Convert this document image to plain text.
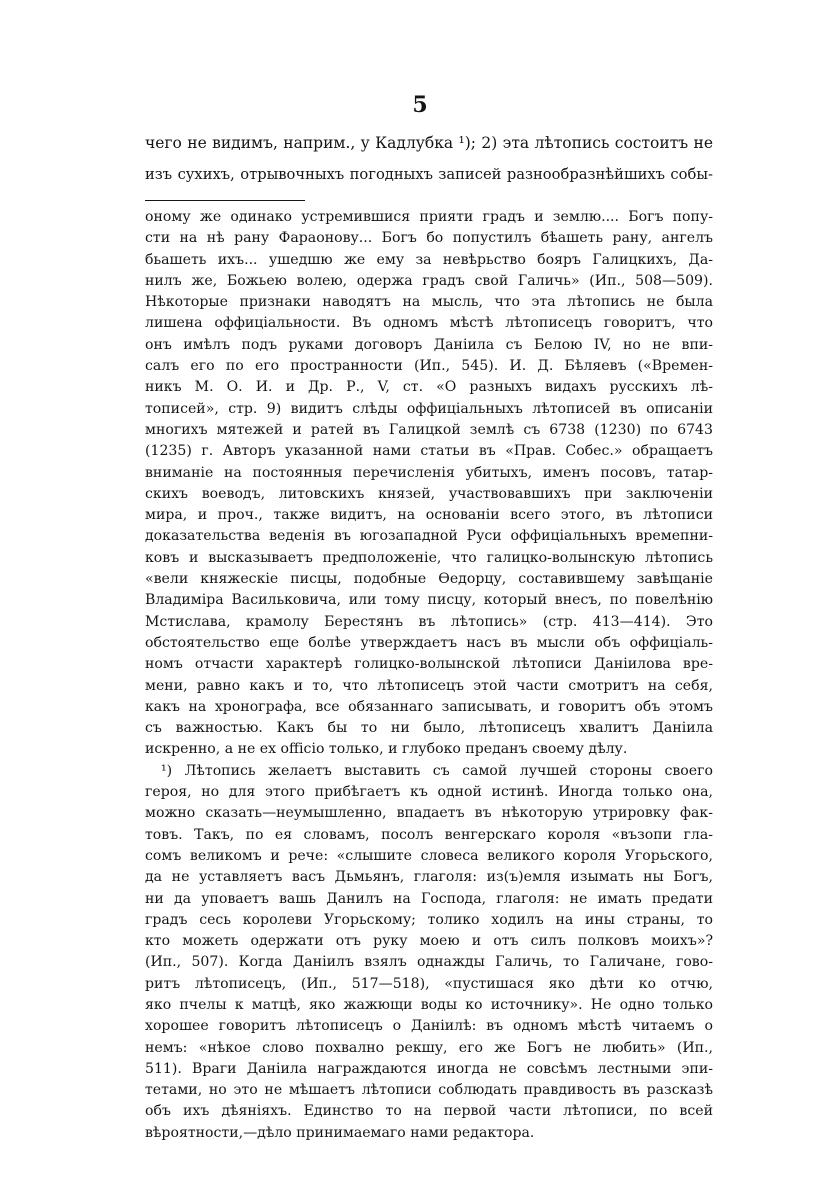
5
чего не видимъ, наприм., у Кадлубка ¹); 2) эта лѣтопись состоитъ не
изъ сухихъ, отрывочныхъ погодныхъ записей разнообразнѣйшихъ собы-
оному же одинако устремившися прияти градъ и землю.... Богъ попу-
сти на нѣ рану Фараонову... Богъ бо попустилъ бѣашеть рану, ангелъ
бьашеть ихъ... ушедшю же ему за невѣрьство бояръ Галицкихъ, Да-
нилъ же, Божьею волею, одержа градъ свой Галичь» (Ип., 508—509).
Нѣкоторые признаки наводятъ на мысль, что эта лѣтопись не была
лишена оффиціальности. Въ одномъ мѣстѣ лѣтописецъ говоритъ, что
онъ имѣлъ подъ руками договоръ Даніила съ Белою IV, но не впи-
салъ его по его пространности (Ип., 545). И. Д. Бѣляевъ («Времен-
никъ М. О. И. и Др. Р., V, ст. «О разныхъ видахъ русскихъ лѣ-
тописей», стр. 9) видитъ слѣды оффиціальныхъ лѣтописей въ описаніи
многихъ мятежей и ратей въ Галицкой землѣ съ 6738 (1230) по 6743
(1235) г. Авторъ указанной нами статьи въ «Прав. Собес.» обращаетъ
вниманіе на постоянныя перечисленія убитыхъ, именъ посовъ, татар-
скихъ воеводъ, литовскихъ князей, участвовавшихъ при заключеніи
мира, и проч., также видитъ, на основаніи всего этого, въ лѣтописи
доказательства веденія въ югозападной Руси оффиціальныхъ времепни-
ковъ и высказываетъ предположеніе, что галицко-волынскую лѣтопись
«вели княжескіе писцы, подобные Ѳедорцу, составившему завѣщаніе
Владиміра Васильковича, или тому писцу, который внесъ, по повелѣнію
Мстислава, крамолу Берестянъ въ лѣтопись» (стр. 413—414). Это
обстоятельство еще болѣе утверждаетъ насъ въ мысли объ оффиціаль-
номъ отчасти характерѣ голицко-волынской лѣтописи Даніилова вре-
мени, равно какъ и то, что лѣтописецъ этой части смотритъ на себя,
какъ на хронографа, все обязаннаго записывать, и говоритъ объ этомъ
съ важностью. Какъ бы то ни было, лѣтописецъ хвалитъ Даніила
искренно, а не ex officio только, и глубоко преданъ своему дѣлу.
¹) Лѣтопись желаетъ выставить съ самой лучшей стороны своего
героя, но для этого прибѣгаетъ къ одной истинѣ. Иногда только она,
можно сказать—неумышленно, впадаетъ въ нѣкоторую утрировку фак-
товъ. Такъ, по ея словамъ, посолъ венгерскаго короля «възопи гла-
сомъ великомъ и рече: «слышите словеса великого короля Угорьского,
да не уставляетъ васъ Дьмьянъ, глаголя: из(ъ)емля изымать ны Богъ,
ни да уповаетъ вашь Данилъ на Господа, глаголя: не имать предати
градъ сесь королеви Угорьскому; толико ходилъ на ины страны, то
кто можеть одержати отъ руку моею и отъ силъ полковъ моихъ»?
(Ип., 507). Когда Даніилъ взялъ однажды Галичь, то Галичане, гово-
ритъ лѣтописецъ, (Ип., 517—518), «пустишася яко дѣти ко отчю,
яко пчелы к матцѣ, яко жажющи воды ко источнику». Не одно только
хорошее говоритъ лѣтописецъ о Даніилѣ: въ одномъ мѣстѣ читаемъ о
немъ: «нѣкое слово похвално рекшу, его же Богъ не любить» (Ип.,
511). Враги Даніила награждаются иногда не совсѣмъ лестными эпи-
тетами, но это не мѣшаетъ лѣтописи соблюдать правдивость въ разсказѣ
объ ихъ дѣяніяхъ. Единство то на первой части лѣтописи, по всей
вѣроятности,—дѣло принимаемаго нами редактора.
